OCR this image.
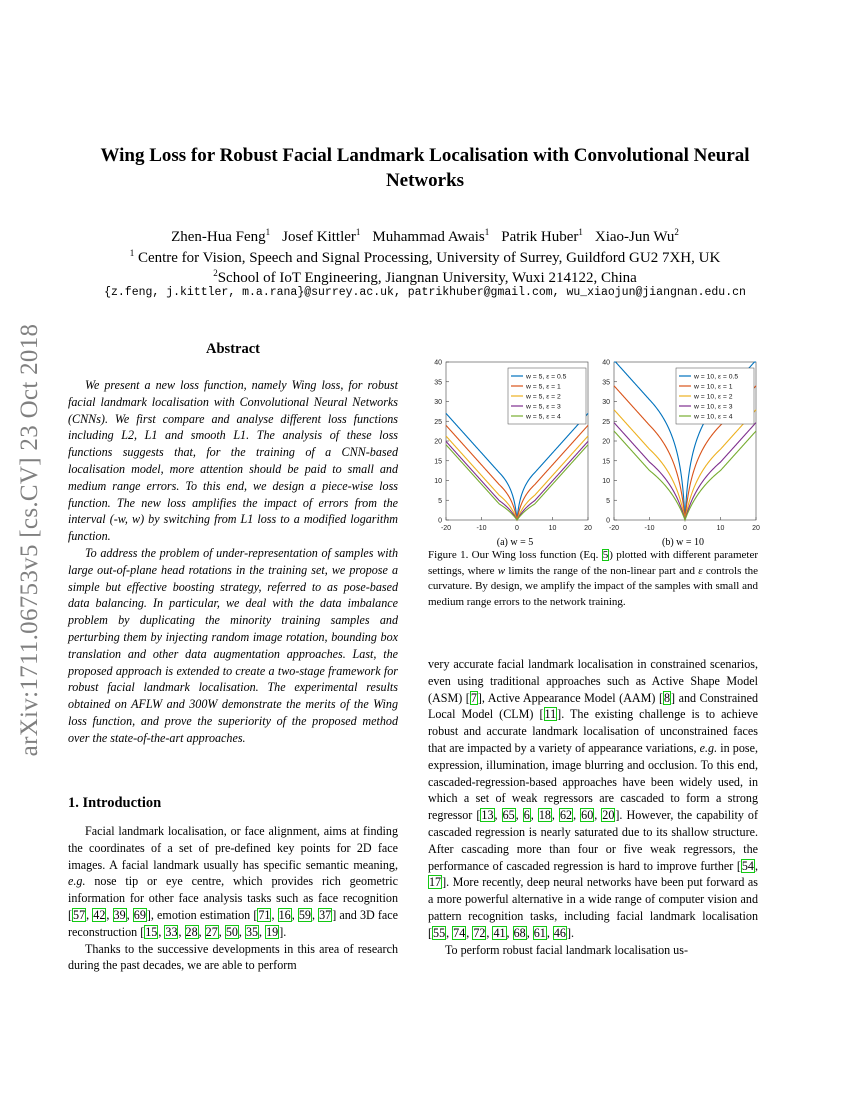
arXiv:1711.06753v5 [cs.CV] 23 Oct 2018
Wing Loss for Robust Facial Landmark Localisation with Convolutional Neural Networks
Zhen-Hua Feng$^1$ Josef Kittler$^1$ Muhammad Awais$^1$ Patrik Huber$^1$ Xiao-Jun Wu$^2$
$^1$ Centre for Vision, Speech and Signal Processing, University of Surrey, Guildford GU2 7XH, UK
$^2$School of IoT Engineering, Jiangnan University, Wuxi 214122, China
{z.feng, j.kittler, m.a.rana}@surrey.ac.uk, patrikhuber@gmail.com, wu_xiaojun@jiangnan.edu.cn
Abstract

We present a new loss function, namely Wing loss, for robust facial landmark localisation with Convolutional Neural Networks (CNNs). We first compare and analyse different loss functions including L2, L1 and smooth L1. The analysis of these loss functions suggests that, for the training of a CNN-based localisation model, more attention should be paid to small and medium range errors. To this end, we design a piece-wise loss function. The new loss amplifies the impact of errors from the interval (-w, w) by switching from L1 loss to a modified logarithm function.

To address the problem of under-representation of samples with large out-of-plane head rotations in the training set, we propose a simple but effective boosting strategy, referred to as pose-based data balancing. In particular, we deal with the data imbalance problem by duplicating the minority training samples and perturbing them by injecting random image rotation, bounding box translation and other data augmentation approaches. Last, the proposed approach is extended to create a two-stage framework for robust facial landmark localisation. The experimental results obtained on AFLW and 300W demonstrate the merits of the Wing loss function, and prove the superiority of the proposed method over the state-of-the-art approaches.

1. Introduction

Facial landmark localisation, or face alignment, aims at finding the coordinates of a set of pre-defined key points for 2D face images. A facial landmark usually has specific semantic meaning, e.g. nose tip or eye centre, which provides rich geometric information for other face analysis tasks such as face recognition [57, 42, 39, 69], emotion estimation [71, 16, 59, 37] and 3D face reconstruction [15, 33, 28, 27, 50, 35, 19].

Thanks to the successive developments in this area of research during the past decades, we are able to perform

0
5
10
15
20
25
30
35
40
-20	-10	0	10	20
w = 5, ε = 0.5
w = 5, ε = 1
w = 5, ε = 2
w = 5, ε = 3
w = 5, ε = 4
0
5
10
15
20
25
30
35
40
-20	-10	0	10	20
w = 10, ε = 0.5
w = 10, ε = 1
w = 10, ε = 2
w = 10, ε = 3
w = 10, ε = 4
(a) w = 5	(b) w = 10
Figure 1. Our Wing loss function (Eq. 5) plotted with different parameter settings, where w limits the range of the non-linear part and ε controls the curvature. By design, we amplify the impact of the samples with small and medium range errors to the network training.

very accurate facial landmark localisation in constrained scenarios, even using traditional approaches such as Active Shape Model (ASM) [7], Active Appearance Model (AAM) [8] and Constrained Local Model (CLM) [11]. The existing challenge is to achieve robust and accurate landmark localisation of unconstrained faces that are impacted by a variety of appearance variations, e.g. in pose, expression, illumination, image blurring and occlusion. To this end, cascaded-regression-based approaches have been widely used, in which a set of weak regressors are cascaded to form a strong regressor [13, 65, 6, 18, 62, 60, 20]. However, the capability of cascaded regression is nearly saturated due to its shallow structure. After cascading more than four or five weak regressors, the performance of cascaded regression is hard to improve further [54, 17]. More recently, deep neural networks have been put forward as a more powerful alternative in a wide range of computer vision and pattern recognition tasks, including facial landmark localisation [55, 74, 72, 41, 68, 61, 46].

To perform robust facial landmark localisation us-
